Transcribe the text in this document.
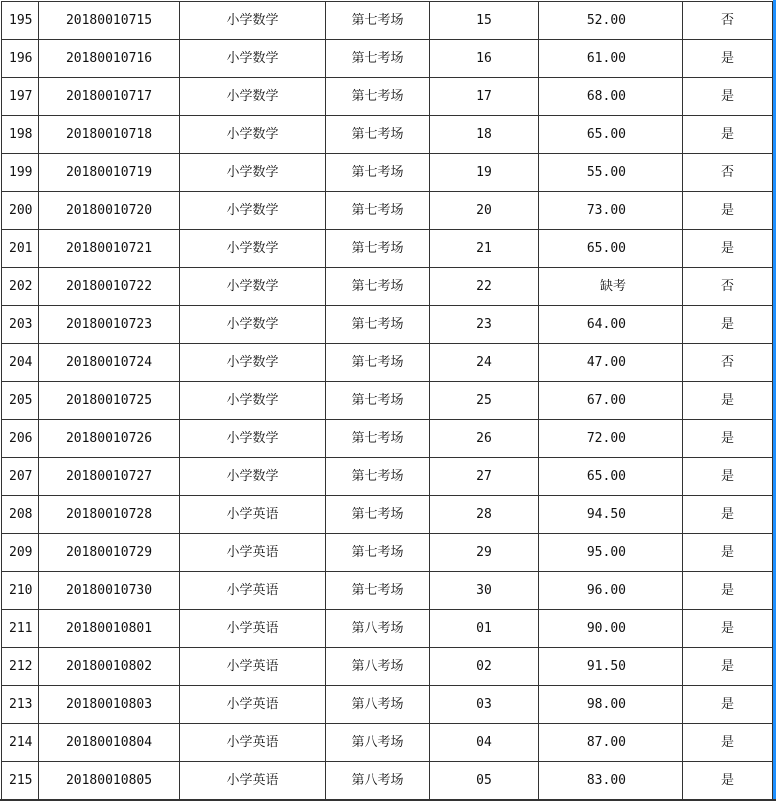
195	20180010715	小学数学	第七考场	15	52.00	否
196	20180010716	小学数学	第七考场	16	61.00	是
197	20180010717	小学数学	第七考场	17	68.00	是
198	20180010718	小学数学	第七考场	18	65.00	是
199	20180010719	小学数学	第七考场	19	55.00	否
200	20180010720	小学数学	第七考场	20	73.00	是
201	20180010721	小学数学	第七考场	21	65.00	是
202	20180010722	小学数学	第七考场	22	缺考	否
203	20180010723	小学数学	第七考场	23	64.00	是
204	20180010724	小学数学	第七考场	24	47.00	否
205	20180010725	小学数学	第七考场	25	67.00	是
206	20180010726	小学数学	第七考场	26	72.00	是
207	20180010727	小学数学	第七考场	27	65.00	是
208	20180010728	小学英语	第七考场	28	94.50	是
209	20180010729	小学英语	第七考场	29	95.00	是
210	20180010730	小学英语	第七考场	30	96.00	是
211	20180010801	小学英语	第八考场	01	90.00	是
212	20180010802	小学英语	第八考场	02	91.50	是
213	20180010803	小学英语	第八考场	03	98.00	是
214	20180010804	小学英语	第八考场	04	87.00	是
215	20180010805	小学英语	第八考场	05	83.00	是
